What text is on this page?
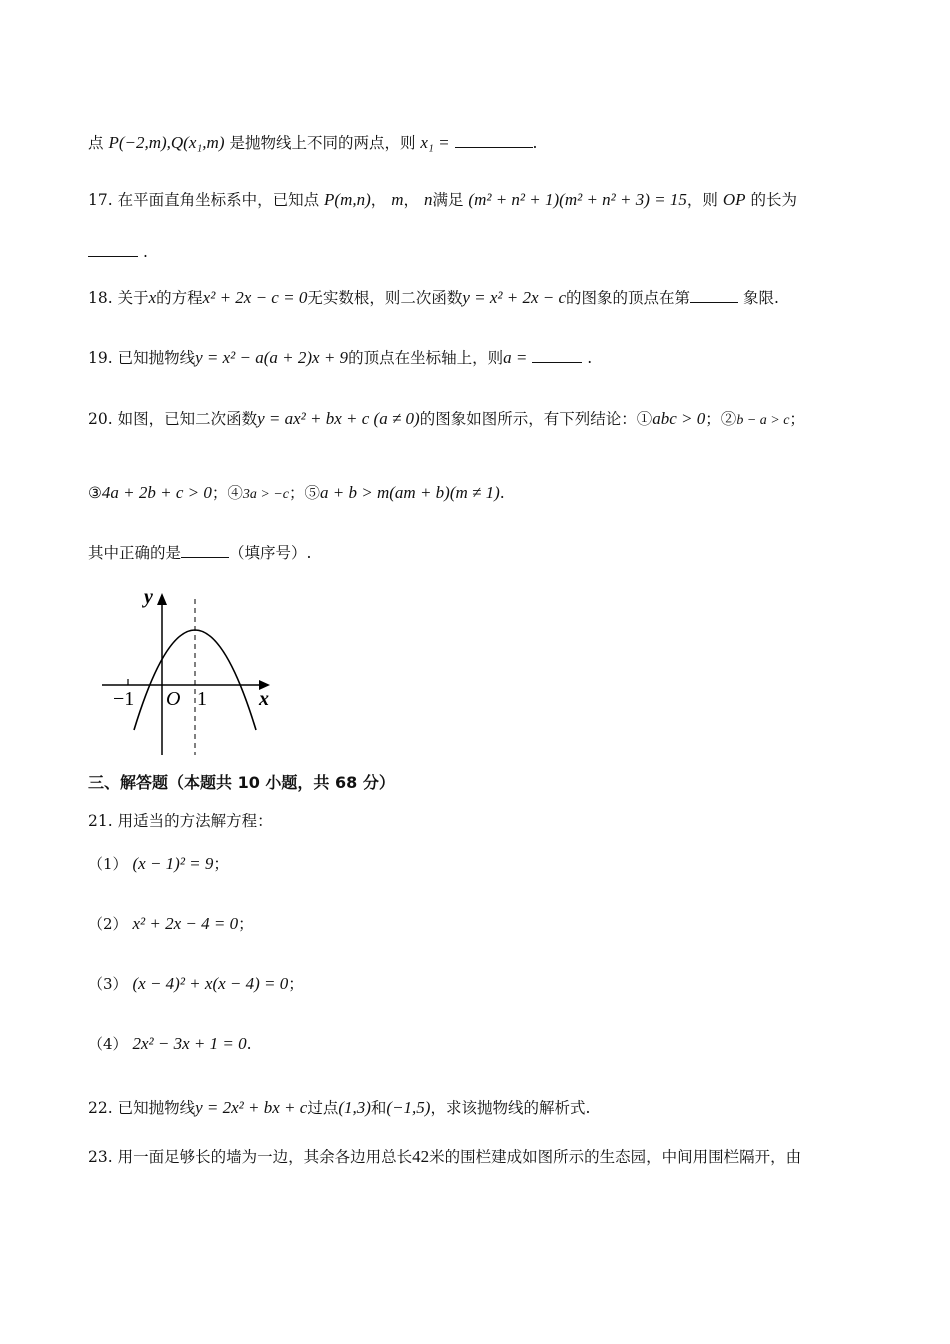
点 P(−2,m),Q(x₁,m) 是抛物线上不同的两点，则 x₁ =	.
17. 在平面直角坐标系中，已知点 P(m,n)， m， n满足 (m² + n² + 1)(m² + n² + 3) = 15，则 OP 的长为
.
18. 关于x的方程x² + 2x − c = 0无实数根，则二次函数y = x² + 2x − c的图象的顶点在第	象限.
19. 已知抛物线y = x² − a(a + 2)x + 9的顶点在坐标轴上，则a =	.
20. 如图，已知二次函数y = ax² + bx + c (a ≠ 0)的图象如图所示，有下列结论：①abc > 0；②b − a > c；
③4a + 2b + c > 0；④3a > −c；⑤a + b > m(am + b)(m ≠ 1).
其中正确的是	（填序号）.
y
x
O
−1	1
三、解答题（本题共 10 小题，共 68 分）
21. 用适当的方法解方程：
（1） (x − 1)² = 9；
（2） x² + 2x − 4 = 0；
（3） (x − 4)² + x(x − 4) = 0；
（4） 2x² − 3x + 1 = 0.
22. 已知抛物线y = 2x² + bx + c过点(1,3)和(−1,5)，求该抛物线的解析式.
23. 用一面足够长的墙为一边，其余各边用总长42米的围栏建成如图所示的生态园，中间用围栏隔开，由
